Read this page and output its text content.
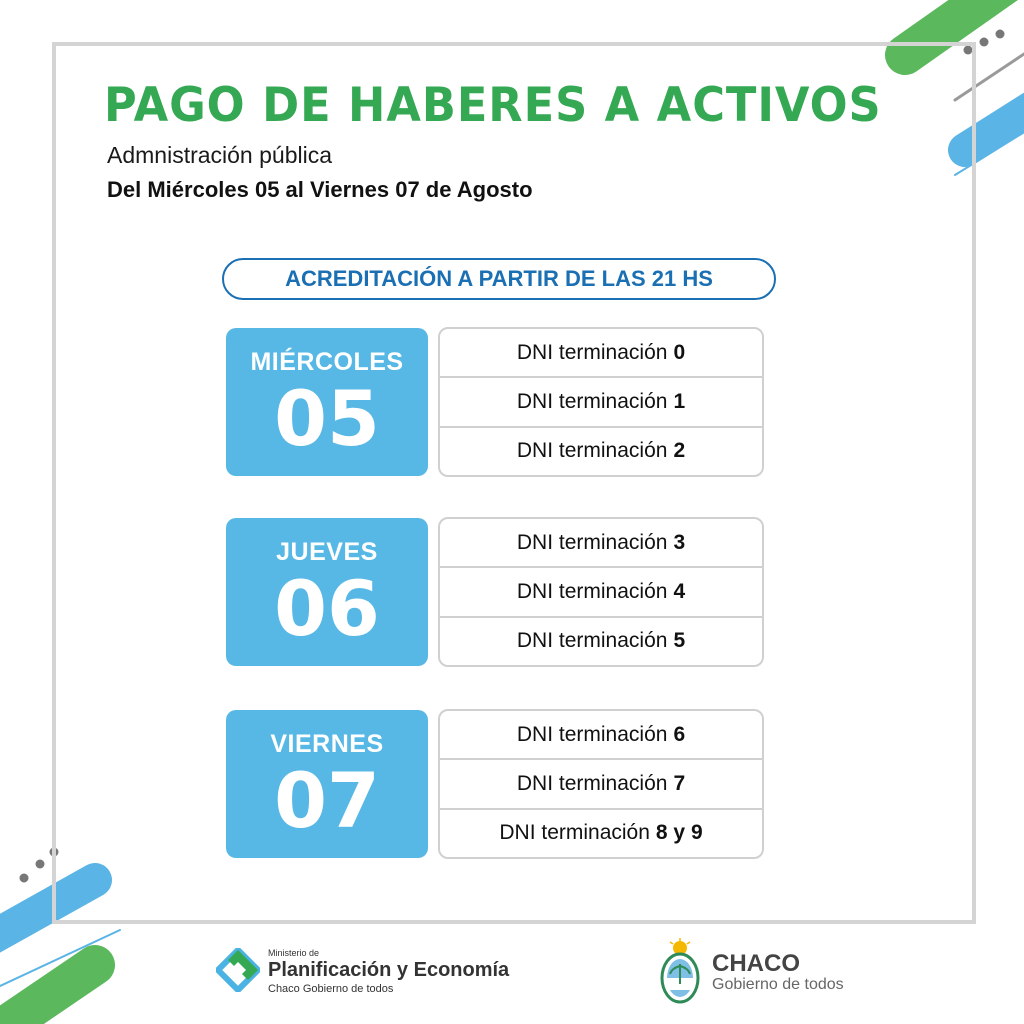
PAGO DE HABERES A ACTIVOS
Admnistración pública
Del Miércoles 05 al Viernes 07 de Agosto
ACREDITACIÓN A PARTIR DE LAS 21 HS
MIÉRCOLES
05
DNI terminación 0
DNI terminación 1
DNI terminación 2
JUEVES
06
DNI terminación 3
DNI terminación 4
DNI terminación 5
VIERNES
07
DNI terminación 6
DNI terminación 7
DNI terminación 8 y 9
Ministerio de
Planificación y Economía
Chaco Gobierno de todos
CHACO
Gobierno de todos
